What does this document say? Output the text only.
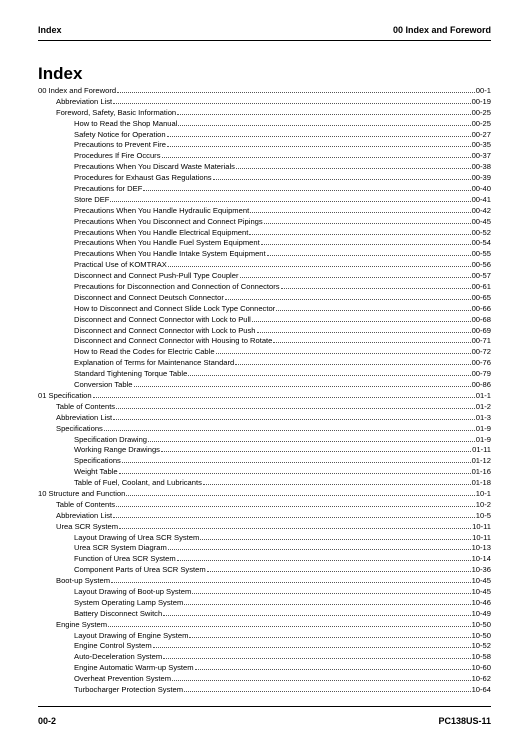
Index	00 Index and Foreword
Index
00 Index and Foreword	00-1
Abbreviation List	00-19
Foreword, Safety, Basic Information	00-25
How to Read the Shop Manual	00-25
Safety Notice for Operation	00-27
Precautions to Prevent Fire	00-35
Procedures If Fire Occurs	00-37
Precautions When You Discard Waste Materials	00-38
Procedures for Exhaust Gas Regulations	00-39
Precautions for DEF	00-40
Store DEF	00-41
Precautions When You Handle Hydraulic Equipment	00-42
Precautions When You Disconnect and Connect Pipings	00-45
Precautions When You Handle Electrical Equipment	00-52
Precautions When You Handle Fuel System Equipment	00-54
Precautions When You Handle Intake System Equipment	00-55
Practical Use of KOMTRAX	00-56
Disconnect and Connect Push-Pull Type Coupler	00-57
Precautions for Disconnection and Connection of Connectors	00-61
Disconnect and Connect Deutsch Connector	00-65
How to Disconnect and Connect Slide Lock Type Connector	00-66
Disconnect and Connect Connector with Lock to Pull	00-68
Disconnect and Connect Connector with Lock to Push	00-69
Disconnect and Connect Connector with Housing to Rotate	00-71
How to Read the Codes for Electric Cable	00-72
Explanation of Terms for Maintenance Standard	00-76
Standard Tightening Torque Table	00-79
Conversion Table	00-86
01 Specification	01-1
Table of Contents	01-2
Abbreviation List	01-3
Specifications	01-9
Specification Drawing	01-9
Working Range Drawings	01-11
Specifications	01-12
Weight Table	01-16
Table of Fuel, Coolant, and Lubricants	01-18
10 Structure and Function	10-1
Table of Contents	10-2
Abbreviation List	10-5
Urea SCR System	10-11
Layout Drawing of Urea SCR System	10-11
Urea SCR System Diagram	10-13
Function of Urea SCR System	10-14
Component Parts of Urea SCR System	10-36
Boot-up System	10-45
Layout Drawing of Boot-up System	10-45
System Operating Lamp System	10-46
Battery Disconnect Switch	10-49
Engine System	10-50
Layout Drawing of Engine System	10-50
Engine Control System	10-52
Auto-Deceleration System	10-58
Engine Automatic Warm-up System	10-60
Overheat Prevention System	10-62
Turbocharger Protection System	10-64
00-2	PC138US-11
